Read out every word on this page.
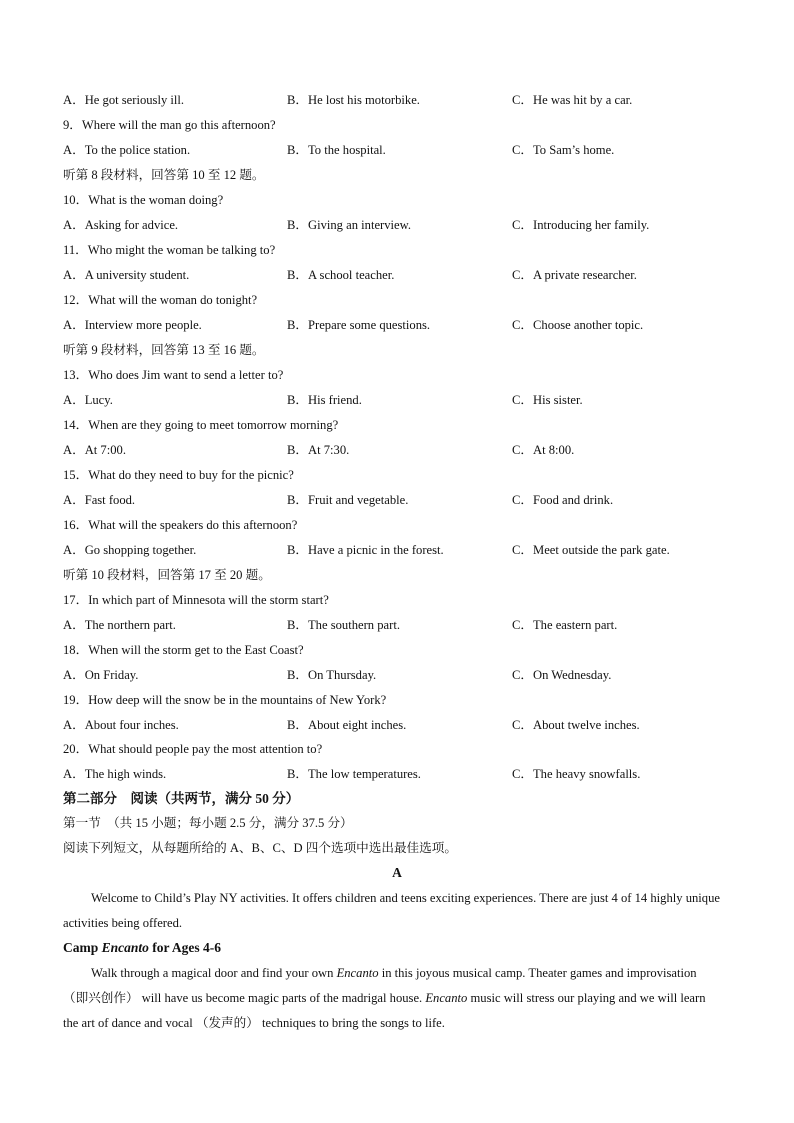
A．He got seriously ill.	B．He lost his motorbike.	C．He was hit by a car.
9．Where will the man go this afternoon?
A．To the police station.	B．To the hospital.	C．To Sam’s home.
听第 8 段材料，回答第 10 至 12 题。
10．What is the woman doing?
A．Asking for advice.	B．Giving an interview.	C．Introducing her family.
11．Who might the woman be talking to?
A．A university student.	B．A school teacher.	C．A private researcher.
12．What will the woman do tonight?
A．Interview more people.	B．Prepare some questions.	C．Choose another topic.
听第 9 段材料，回答第 13 至 16 题。
13．Who does Jim want to send a letter to?
A．Lucy.	B．His friend.	C．His sister.
14．When are they going to meet tomorrow morning?
A．At 7:00.	B．At 7:30.	C．At 8:00.
15．What do they need to buy for the picnic?
A．Fast food.	B．Fruit and vegetable.	C．Food and drink.
16．What will the speakers do this afternoon?
A．Go shopping together.	B．Have a picnic in the forest.	C．Meet outside the park gate.
听第 10 段材料，回答第 17 至 20 题。
17．In which part of Minnesota will the storm start?
A．The northern part.	B．The southern part.	C．The eastern part.
18．When will the storm get to the East Coast?
A．On Friday.	B．On Thursday.	C．On Wednesday.
19．How deep will the snow be in the mountains of New York?
A．About four inches.	B．About eight inches.	C．About twelve inches.
20．What should people pay the most attention to?
A．The high winds.	B．The low temperatures.	C．The heavy snowfalls.
第二部分　阅读（共两节，满分 50 分）
第一节　（共 15 小题；每小题 2.5 分，满分 37.5 分）
阅读下列短文，从每题所给的 A、B、C、D 四个选项中选出最佳选项。
A
Welcome to Child’s Play NY activities. It offers children and teens exciting experiences. There are just 4 of 14 highly unique activities being offered.
Camp Encanto for Ages 4-6
Walk through a magical door and find your own Encanto in this joyous musical camp. Theater games and improvisation （即兴创作） will have us become magic parts of the madrigal house. Encanto music will stress our playing and we will learn the art of dance and vocal （发声的） techniques to bring the songs to life.
